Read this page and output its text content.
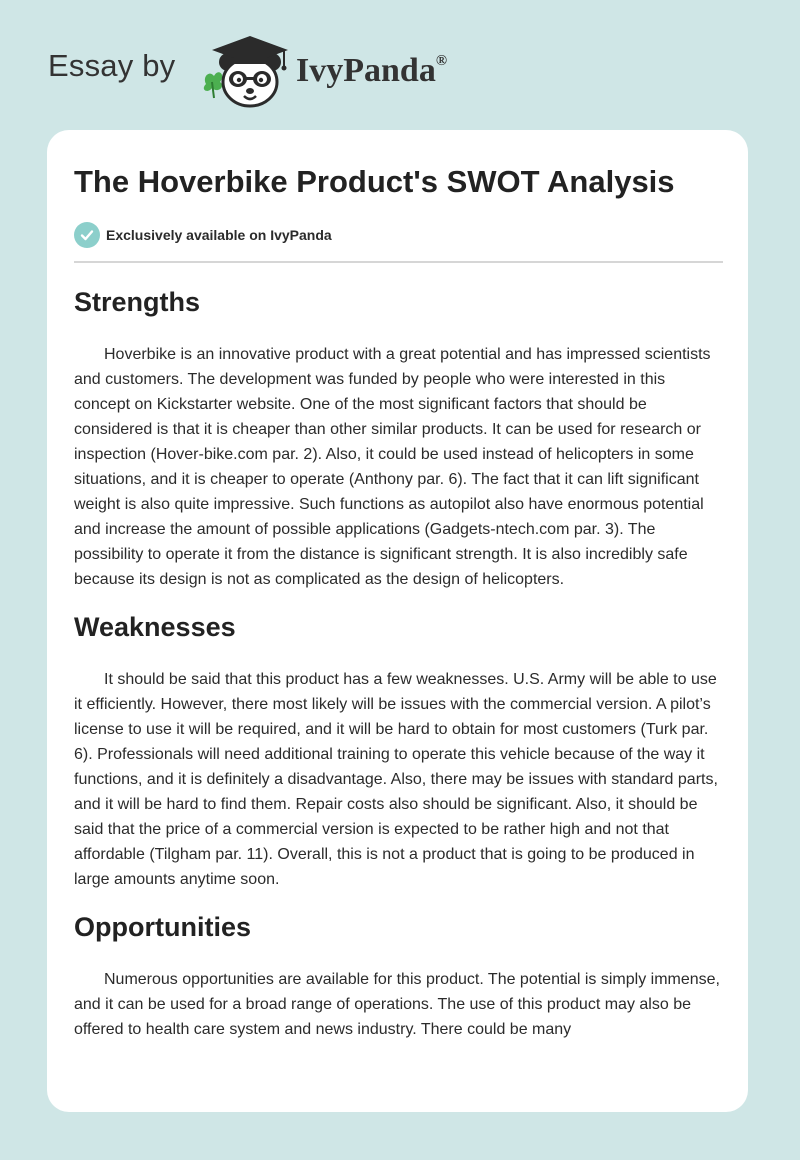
Essay by	IvyPanda®
The Hoverbike Product's SWOT Analysis
Exclusively available on IvyPanda
Strengths

Hoverbike is an innovative product with a great potential and has impressed scientists and customers. The development was funded by people who were interested in this concept on Kickstarter website. One of the most significant factors that should be considered is that it is cheaper than other similar products. It can be used for research or inspection (Hover-bike.com par. 2). Also, it could be used instead of helicopters in some situations, and it is cheaper to operate (Anthony par. 6). The fact that it can lift significant weight is also quite impressive. Such functions as autopilot also have enormous potential and increase the amount of possible applications (Gadgets-ntech.com par. 3). The possibility to operate it from the distance is significant strength. It is also incredibly safe because its design is not as complicated as the design of helicopters.

Weaknesses

It should be said that this product has a few weaknesses. U.S. Army will be able to use it efficiently. However, there most likely will be issues with the commercial version. A pilot’s license to use it will be required, and it will be hard to obtain for most customers (Turk par. 6). Professionals will need additional training to operate this vehicle because of the way it functions, and it is definitely a disadvantage. Also, there may be issues with standard parts, and it will be hard to find them. Repair costs also should be significant. Also, it should be said that the price of a commercial version is expected to be rather high and not that affordable (Tilgham par. 11). Overall, this is not a product that is going to be produced in large amounts anytime soon.

Opportunities

Numerous opportunities are available for this product. The potential is simply immense, and it can be used for a broad range of operations. The use of this product may also be offered to health care system and news industry. There could be many
